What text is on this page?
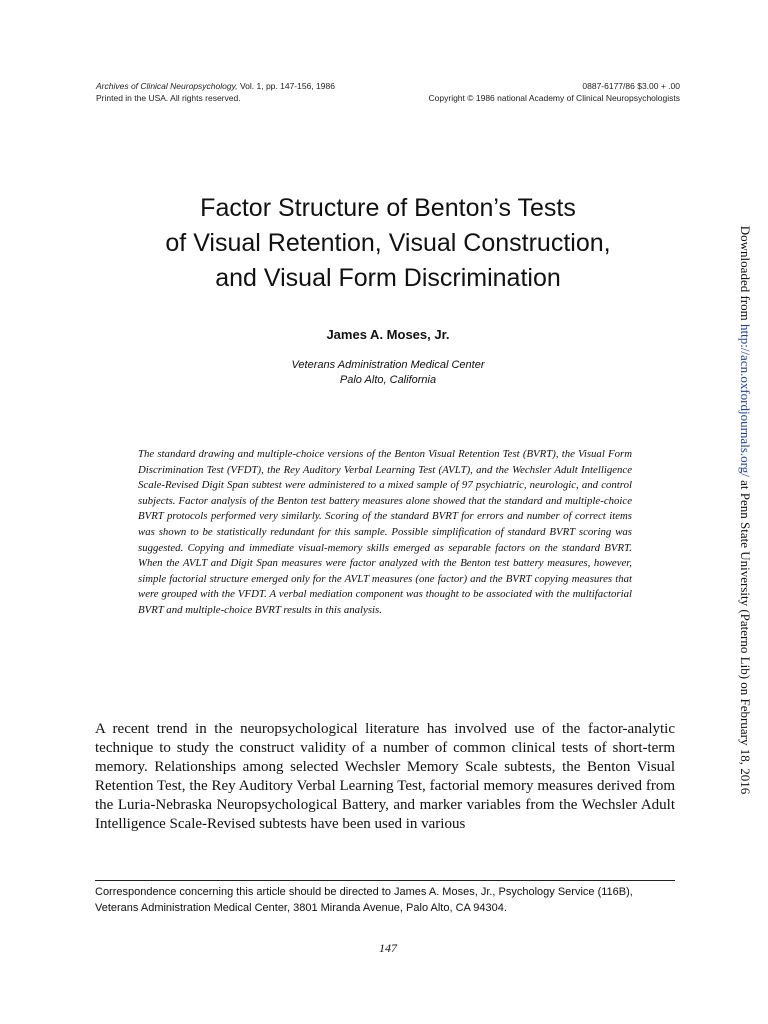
Archives of Clinical Neuropsychology, Vol. 1, pp. 147-156, 1986	0887-6177/86 $3.00 + .00
Printed in the USA. All rights reserved.	Copyright © 1986 national Academy of Clinical Neuropsychologists
Factor Structure of Benton’s Tests
of Visual Retention, Visual Construction,
and Visual Form Discrimination
James A. Moses, Jr.
Veterans Administration Medical Center
Palo Alto, California
The standard drawing and multiple-choice versions of the Benton Visual Retention Test (BVRT), the Visual Form Discrimination Test (VFDT), the Rey Auditory Verbal Learning Test (AVLT), and the Wechsler Adult Intelligence Scale-Revised Digit Span subtest were administered to a mixed sample of 97 psychiatric, neurologic, and control subjects. Factor analysis of the Benton test battery measures alone showed that the standard and multiple-choice BVRT protocols performed very similarly. Scoring of the standard BVRT for errors and number of correct items was shown to be statistically redundant for this sample. Possible simplification of standard BVRT scoring was suggested. Copying and immediate visual-memory skills emerged as separable factors on the standard BVRT. When the AVLT and Digit Span measures were factor analyzed with the Benton test battery measures, however, simple factorial structure emerged only for the AVLT measures (one factor) and the BVRT copying measures that were grouped with the VFDT. A verbal mediation component was thought to be associated with the multifactorial BVRT and multiple-choice BVRT results in this analysis.
A recent trend in the neuropsychological literature has involved use of the factor-analytic technique to study the construct validity of a number of common clinical tests of short-term memory. Relationships among selected Wechsler Memory Scale subtests, the Benton Visual Retention Test, the Rey Auditory Verbal Learning Test, factorial memory measures derived from the Luria-Nebraska Neuropsychological Battery, and marker variables from the Wechsler Adult Intelligence Scale-Revised subtests have been used in various
Correspondence concerning this article should be directed to James A. Moses, Jr., Psychology Service (116B), Veterans Administration Medical Center, 3801 Miranda Avenue, Palo Alto, CA 94304.
147
Downloaded from http://acn.oxfordjournals.org/ at Penn State University (Paterno Lib) on February 18, 2016
